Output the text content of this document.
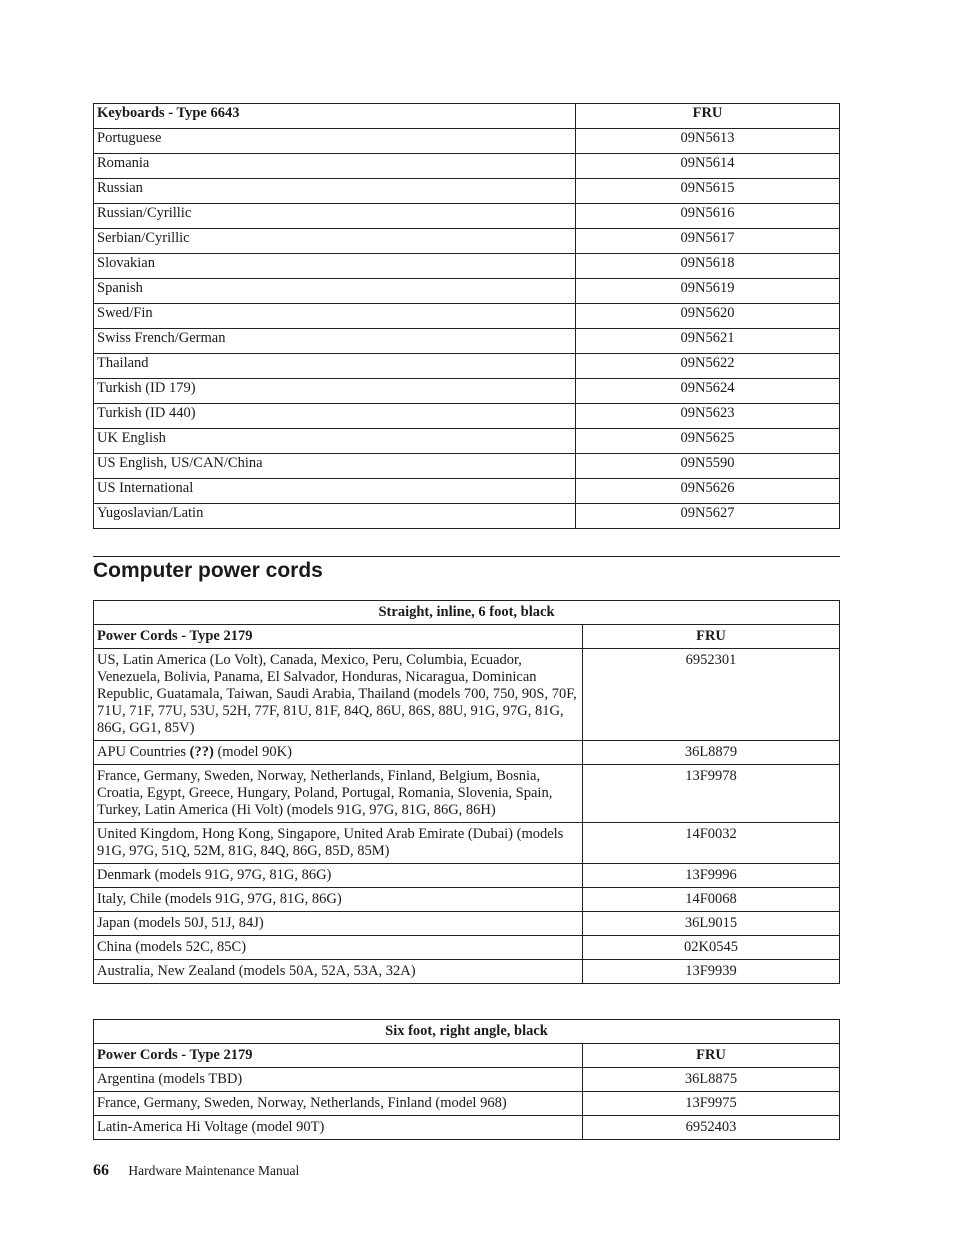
Keyboards - Type 6643	FRU
Portuguese	09N5613
Romania	09N5614
Russian	09N5615
Russian/Cyrillic	09N5616
Serbian/Cyrillic	09N5617
Slovakian	09N5618
Spanish	09N5619
Swed/Fin	09N5620
Swiss French/German	09N5621
Thailand	09N5622
Turkish (ID 179)	09N5624
Turkish (ID 440)	09N5623
UK English	09N5625
US English, US/CAN/China	09N5590
US International	09N5626
Yugoslavian/Latin	09N5627
Computer power cords
Straight, inline, 6 foot, black	
Power Cords - Type 2179	FRU
US, Latin America (Lo Volt), Canada, Mexico, Peru, Columbia, Ecuador, Venezuela, Bolivia, Panama, El Salvador, Honduras, Nicaragua, Dominican Republic, Guatamala, Taiwan, Saudi Arabia, Thailand (models 700, 750, 90S, 70F, 71U, 71F, 77U, 53U, 52H, 77F, 81U, 81F, 84Q, 86U, 86S, 88U, 91G, 97G, 81G, 86G, GG1, 85V)	6952301
APU Countries (??) (model 90K)	36L8879
France, Germany, Sweden, Norway, Netherlands, Finland, Belgium, Bosnia, Croatia, Egypt, Greece, Hungary, Poland, Portugal, Romania, Slovenia, Spain, Turkey, Latin America (Hi Volt) (models 91G, 97G, 81G, 86G, 86H)	13F9978
United Kingdom, Hong Kong, Singapore, United Arab Emirate (Dubai) (models 91G, 97G, 51Q, 52M, 81G, 84Q, 86G, 85D, 85M)	14F0032
Denmark (models 91G, 97G, 81G, 86G)	13F9996
Italy, Chile (models 91G, 97G, 81G, 86G)	14F0068
Japan (models 50J, 51J, 84J)	36L9015
China (models 52C, 85C)	02K0545
Australia, New Zealand (models 50A, 52A, 53A, 32A)	13F9939
Six foot, right angle, black	
Power Cords - Type 2179	FRU
Argentina (models TBD)	36L8875
France, Germany, Sweden, Norway, Netherlands, Finland (model 968)	13F9975
Latin-America Hi Voltage (model 90T)	6952403
66 Hardware Maintenance Manual
